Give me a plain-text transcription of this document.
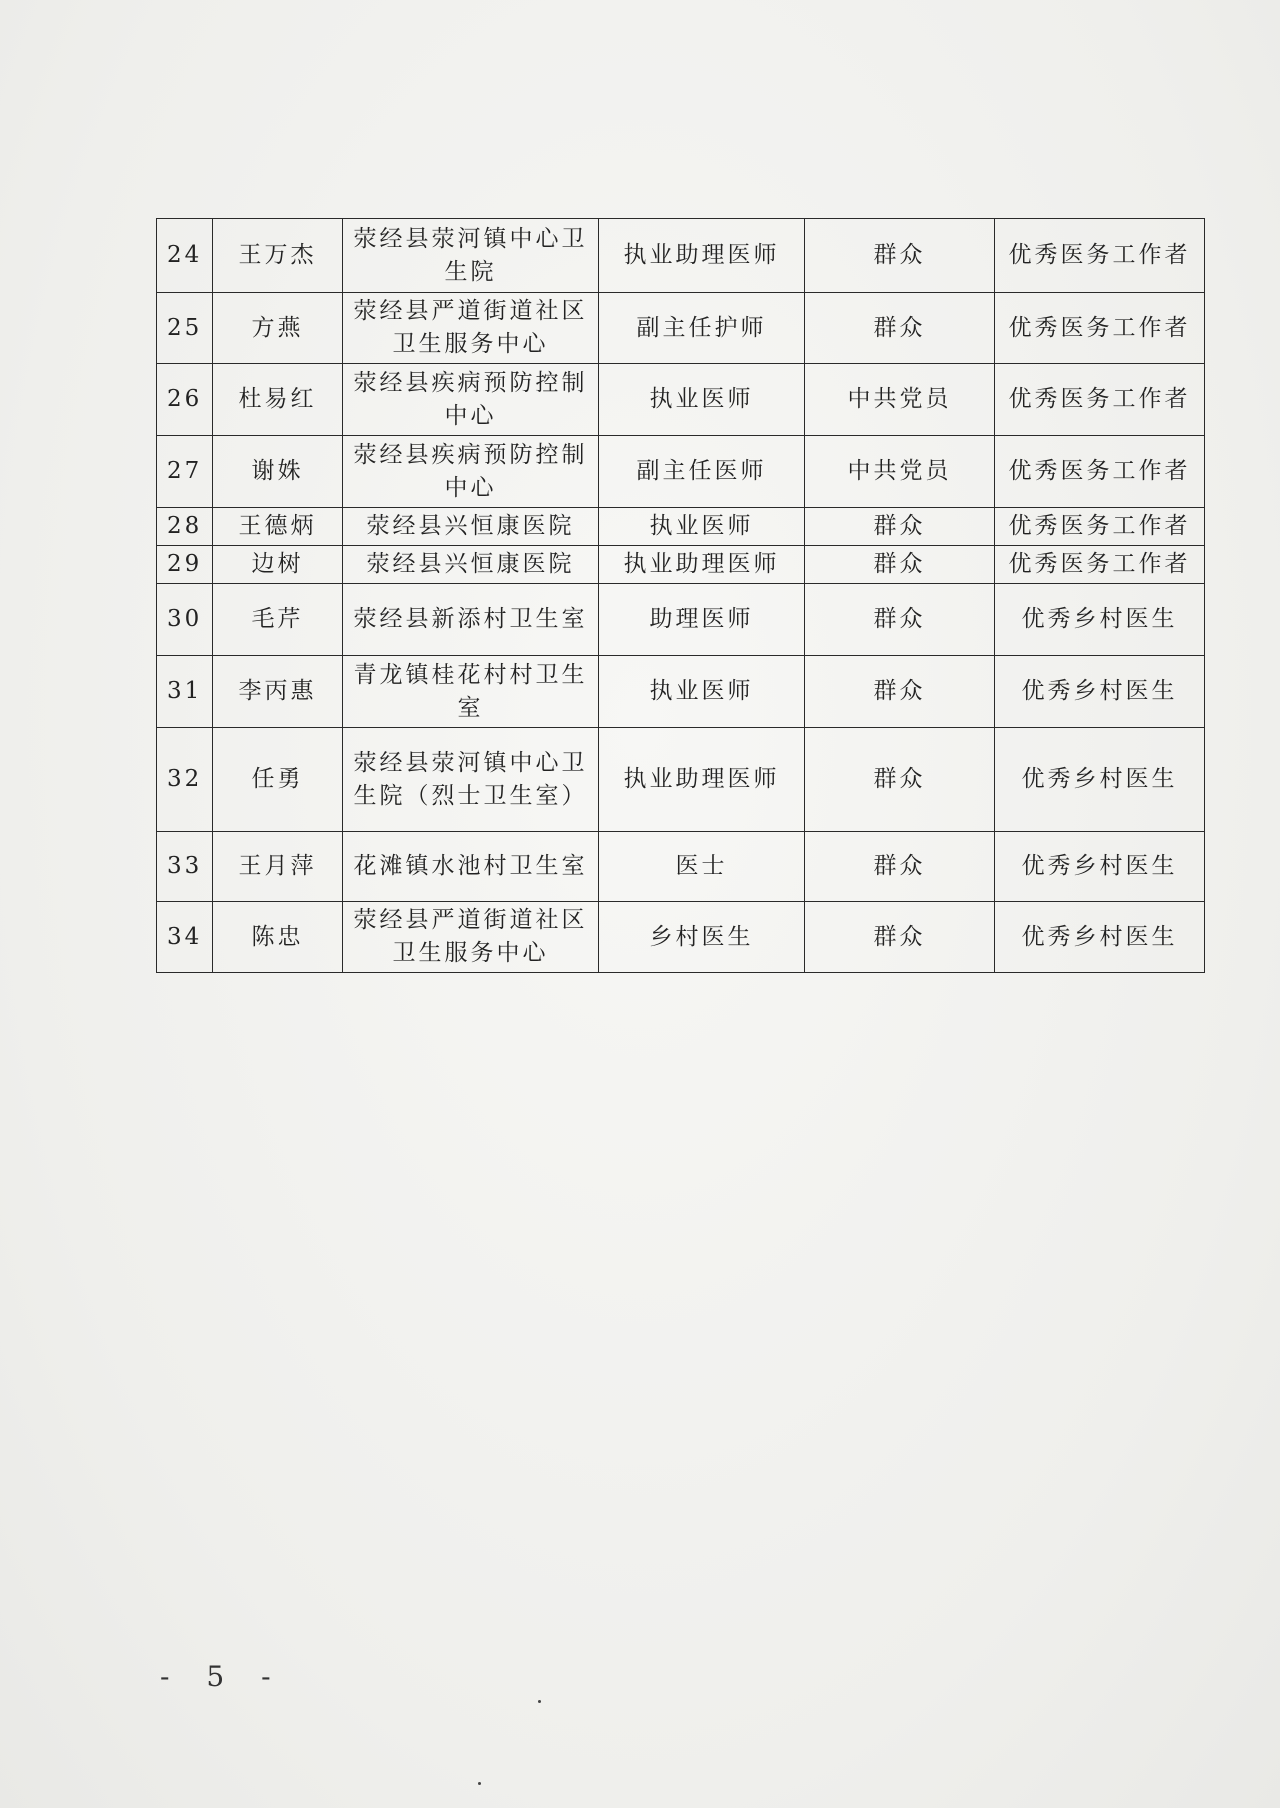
24	王万杰	荥经县荥河镇中心卫生院	执业助理医师	群众	优秀医务工作者
25	方燕	荥经县严道街道社区卫生服务中心	副主任护师	群众	优秀医务工作者
26	杜易红	荥经县疾病预防控制中心	执业医师	中共党员	优秀医务工作者
27	谢姝	荥经县疾病预防控制中心	副主任医师	中共党员	优秀医务工作者
28	王德炳	荥经县兴恒康医院	执业医师	群众	优秀医务工作者
29	边树	荥经县兴恒康医院	执业助理医师	群众	优秀医务工作者
30	毛芹	荥经县新添村卫生室	助理医师	群众	优秀乡村医生
31	李丙惠	青龙镇桂花村村卫生室	执业医师	群众	优秀乡村医生
32	任勇	荥经县荥河镇中心卫生院（烈士卫生室）	执业助理医师	群众	优秀乡村医生
33	王月萍	花滩镇水池村卫生室	医士	群众	优秀乡村医生
34	陈忠	荥经县严道街道社区卫生服务中心	乡村医生	群众	优秀乡村医生
- 5 -
